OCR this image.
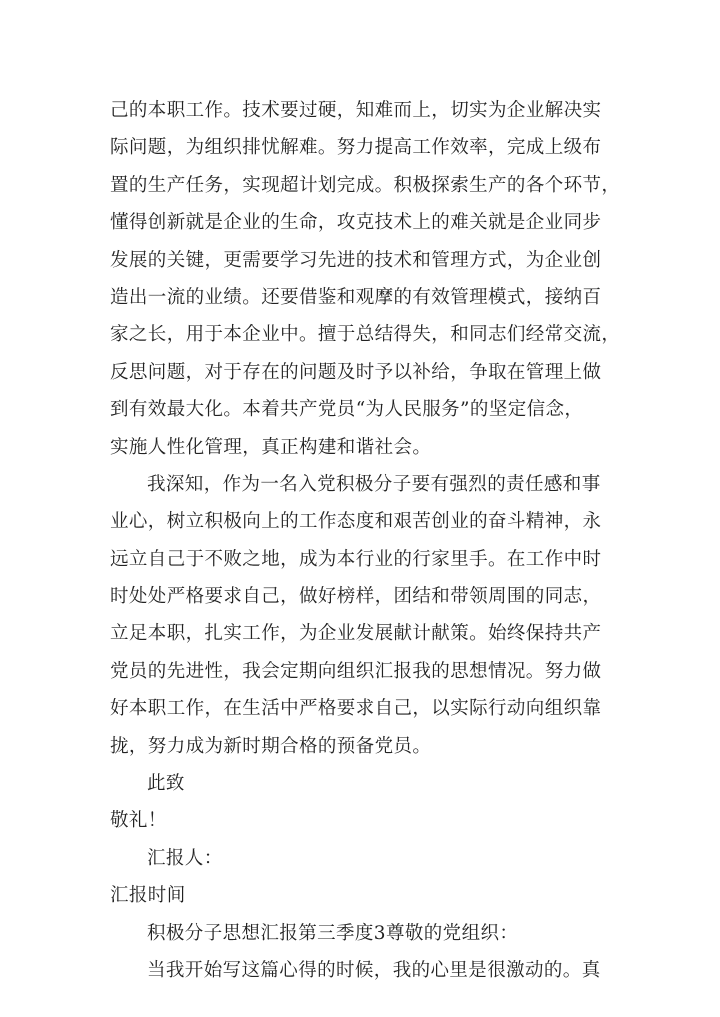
己的本职工作。技术要过硬，知难而上，切实为企业解决实
际问题，为组织排忧解难。努力提高工作效率，完成上级布
置的生产任务，实现超计划完成。积极探索生产的各个环节，
懂得创新就是企业的生命，攻克技术上的难关就是企业同步
发展的关键，更需要学习先进的技术和管理方式，为企业创
造出一流的业绩。还要借鉴和观摩的有效管理模式，接纳百
家之长，用于本企业中。擅于总结得失，和同志们经常交流，
反思问题，对于存在的问题及时予以补给，争取在管理上做
到有效最大化。本着共产党员“为人民服务”的坚定信念，
实施人性化管理，真正构建和谐社会。
我深知，作为一名入党积极分子要有强烈的责任感和事
业心，树立积极向上的工作态度和艰苦创业的奋斗精神，永
远立自己于不败之地，成为本行业的行家里手。在工作中时
时处处严格要求自己，做好榜样，团结和带领周围的同志，
立足本职，扎实工作，为企业发展献计献策。始终保持共产
党员的先进性，我会定期向组织汇报我的思想情况。努力做
好本职工作，在生活中严格要求自己，以实际行动向组织靠
拢，努力成为新时期合格的预备党员。
此致
敬礼！
汇报人：
汇报时间
积极分子思想汇报第三季度3尊敬的党组织：
当我开始写这篇心得的时候，我的心里是很激动的。真
